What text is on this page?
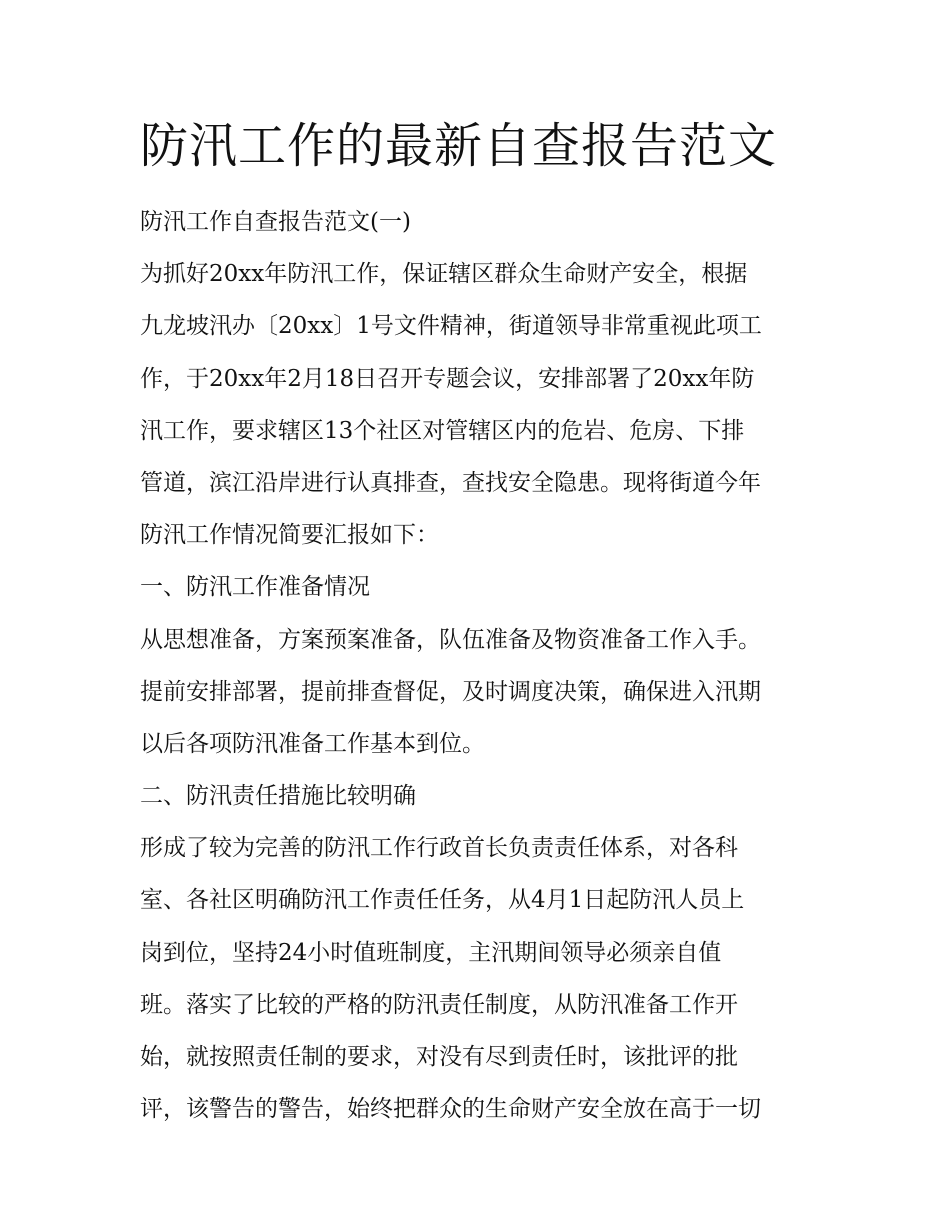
防汛工作的最新自查报告范文
防汛工作自查报告范文(一)
为抓好20xx年防汛工作，保证辖区群众生命财产安全，根据
九龙坡汛办〔20xx〕1号文件精神，街道领导非常重视此项工
作，于20xx年2月18日召开专题会议，安排部署了20xx年防
汛工作，要求辖区13个社区对管辖区内的危岩、危房、下排
管道，滨江沿岸进行认真排查，查找安全隐患。现将街道今年
防汛工作情况简要汇报如下：
一、防汛工作准备情况
从思想准备，方案预案准备，队伍准备及物资准备工作入手。
提前安排部署，提前排查督促，及时调度决策，确保进入汛期
以后各项防汛准备工作基本到位。
二、防汛责任措施比较明确
形成了较为完善的防汛工作行政首长负责责任体系，对各科
室、各社区明确防汛工作责任任务，从4月1日起防汛人员上
岗到位，坚持24小时值班制度，主汛期间领导必须亲自值
班。落实了比较的严格的防汛责任制度，从防汛准备工作开
始，就按照责任制的要求，对没有尽到责任时，该批评的批
评，该警告的警告，始终把群众的生命财产安全放在高于一切
